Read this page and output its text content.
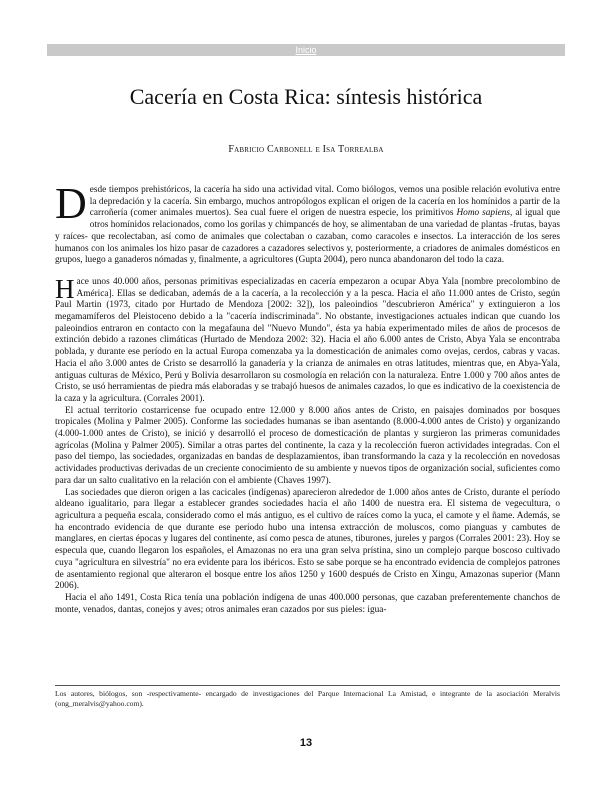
Inicio
Cacería en Costa Rica: síntesis histórica
Fabricio Carbonell e Isa Torrealba

Desde tiempos prehistóricos, la cacería ha sido una actividad vital. Como biólogos, vemos una posible relación evolutiva entre la depredación y la cacería. Sin embargo, muchos antropólogos explican el origen de la cacería en los homínidos a partir de la carroñería (comer animales muertos). Sea cual fuere el origen de nuestra especie, los primitivos Homo sapiens, al igual que otros homínidos relacionados, como los gorilas y chimpancés de hoy, se alimentaban de una variedad de plantas -frutas, bayas y raíces- que recolectaban, así como de animales que colectaban o cazaban, como caracoles e insectos. La interacción de los seres humanos con los animales los hizo pasar de cazadores a cazadores selectivos y, posteriormente, a criadores de animales domésticos en grupos, luego a ganaderos nómadas y, finalmente, a agricultores (Gupta 2004), pero nunca abandonaron del todo la caza.

Hace unos 40.000 años, personas primitivas especializadas en cacería empezaron a ocupar Abya Yala [nombre precolombino de América]. Ellas se dedicaban, además de a la cacería, a la recolección y a la pesca. Hacia el año 11.000 antes de Cristo, según Paul Martin (1973, citado por Hurtado de Mendoza [2002: 32]), los paleoindios "descubrieron América" y extinguieron a los megamamíferos del Pleistoceno debido a la "cacería indiscriminada". No obstante, investigaciones actuales indican que cuando los paleoindios entraron en contacto con la megafauna del "Nuevo Mundo", ésta ya había experimentado miles de años de procesos de extinción debido a razones climáticas (Hurtado de Mendoza 2002: 32). Hacia el año 6.000 antes de Cristo, Abya Yala se encontraba poblada, y durante ese período en la actual Europa comenzaba ya la domesticación de animales como ovejas, cerdos, cabras y vacas. Hacia el año 3.000 antes de Cristo se desarrolló la ganadería y la crianza de animales en otras latitudes, mientras que, en Abya-Yala, antiguas culturas de México, Perú y Bolivia desarrollaron su cosmología en relación con la naturaleza. Entre 1.000 y 700 años antes de Cristo, se usó herramientas de piedra más elaboradas y se trabajó huesos de animales cazados, lo que es indicativo de la coexistencia de la caza y la agricultura. (Corrales 2001).

El actual territorio costarricense fue ocupado entre 12.000 y 8.000 años antes de Cristo, en paisajes dominados por bosques tropicales (Molina y Palmer 2005). Conforme las sociedades humanas se iban asentando (8.000-4.000 antes de Cristo) y organizando (4.000-1.000 antes de Cristo), se inició y desarrolló el proceso de domesticación de plantas y surgieron las primeras comunidades agrícolas (Molina y Palmer 2005). Similar a otras partes del continente, la caza y la recolección fueron actividades integradas. Con el paso del tiempo, las sociedades, organizadas en bandas de desplazamientos, iban transformando la caza y la recolección en novedosas actividades productivas derivadas de un creciente conocimiento de su ambiente y nuevos tipos de organización social, suficientes como para dar un salto cualitativo en la relación con el ambiente (Chaves 1997).

Las sociedades que dieron origen a las cacicales (indígenas) aparecieron alrededor de 1.000 años antes de Cristo, durante el período aldeano igualitario, para llegar a establecer grandes sociedades hacia el año 1400 de nuestra era. El sistema de vegecultura, o agricultura a pequeña escala, considerado como el más antiguo, es el cultivo de raíces como la yuca, el camote y el ñame. Además, se ha encontrado evidencia de que durante ese período hubo una intensa extracción de moluscos, como pianguas y cambutes de manglares, en ciertas épocas y lugares del continente, así como pesca de atunes, tiburones, jureles y pargos (Corrales 2001: 23). Hoy se especula que, cuando llegaron los españoles, el Amazonas no era una gran selva prístina, sino un complejo parque boscoso cultivado cuya "agricultura en silvestría" no era evidente para los ibéricos. Esto se sabe porque se ha encontrado evidencia de complejos patrones de asentamiento regional que alteraron el bosque entre los años 1250 y 1600 después de Cristo en Xingu, Amazonas superior (Mann 2006).

Hacia el año 1491, Costa Rica tenía una población indígena de unas 400.000 personas, que cazaban preferentemente chanchos de monte, venados, dantas, conejos y aves; otros animales eran cazados por sus pieles: igua-

Los autores, biólogos, son -respectivamente- encargado de investigaciones del Parque Internacional La Amistad, e integrante de la asociación Meralvis (ong_meralvis@yahoo.com).
13
